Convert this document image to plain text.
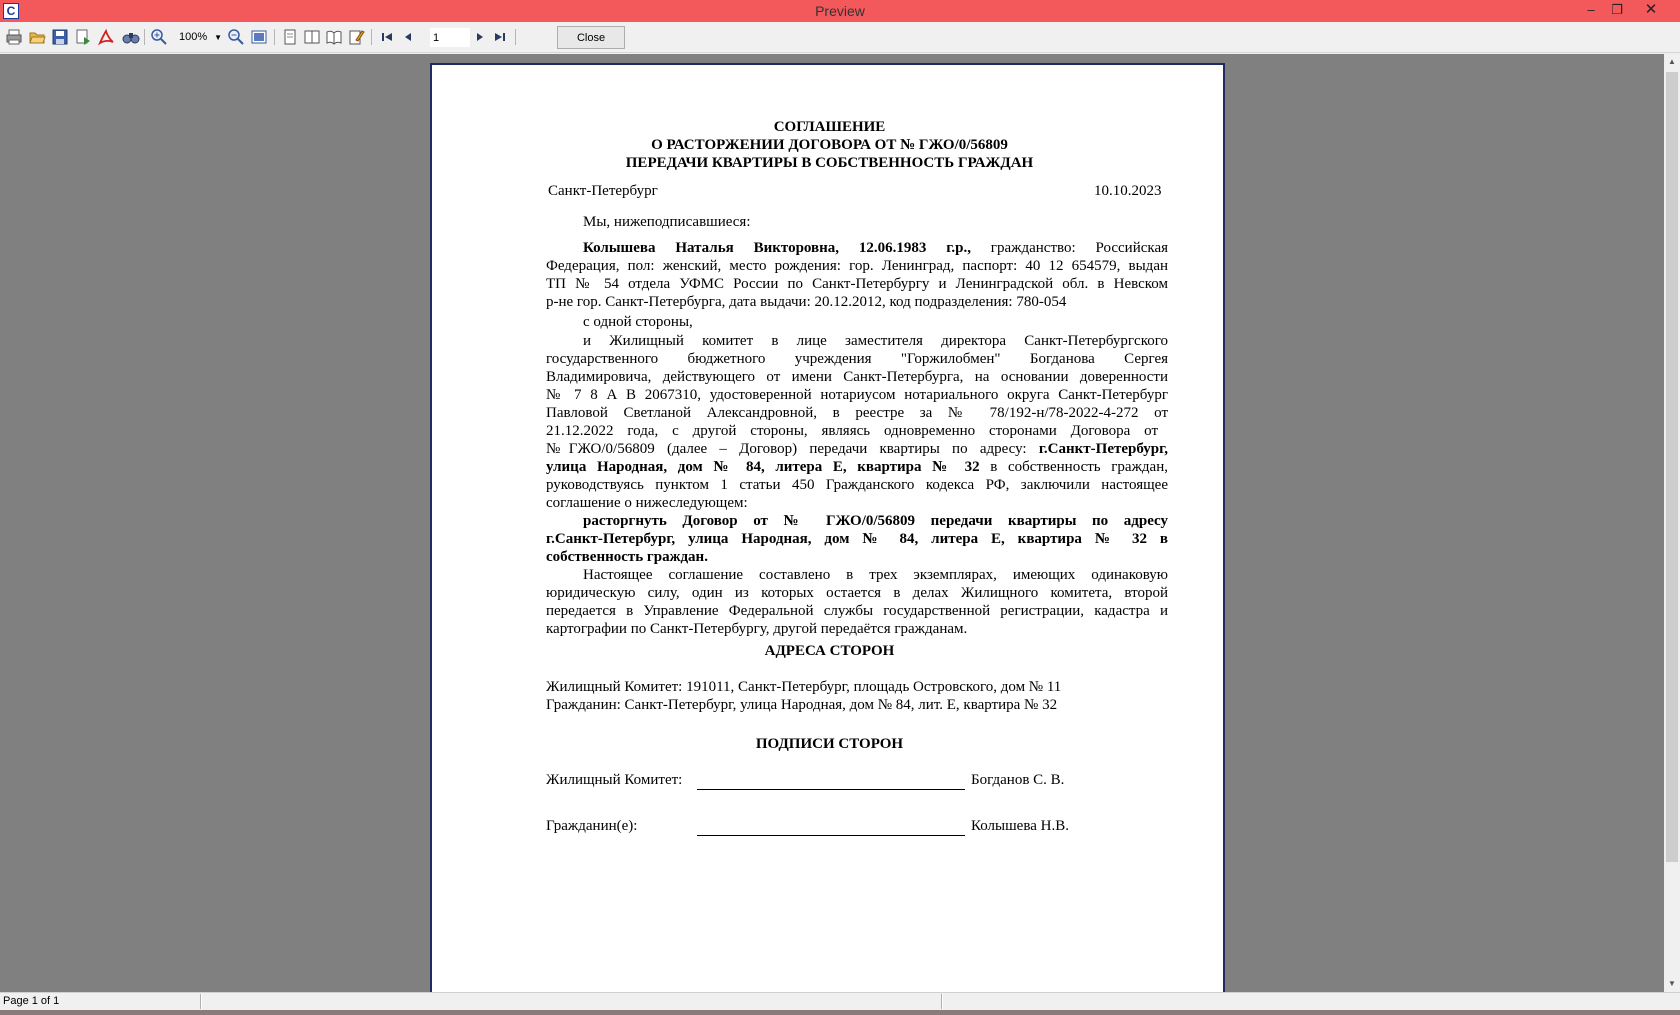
C	Preview	–	❐	✕
100% ▼
1	Close
СОГЛАШЕНИЕ
О РАСТОРЖЕНИИ ДОГОВОРА ОТ № ГЖО/0/56809
ПЕРЕДАЧИ КВАРТИРЫ В СОБСТВЕННОСТЬ ГРАЖДАН
Санкт-Петербург	10.10.2023
Мы, нижеподписавшиеся:
Колышева Наталья Викторовна, 12.06.1983 г.р., гражданство: Российская
Федерация, пол: женский, место рождения: гор. Ленинград, паспорт: 40 12 654579, выдан
ТП № 54 отдела УФМС России по Санкт-Петербургу и Ленинградской обл. в Невском
р-не гор. Санкт-Петербурга, дата выдачи: 20.12.2012, код подразделения: 780-054
с одной стороны,
и Жилищный комитет в лице заместителя директора Санкт-Петербургского
государственного бюджетного учреждения "Горжилобмен" Богданова Сергея
Владимировича, действующего от имени Санкт-Петербурга, на основании доверенности
№ 7 8 А В 2067310, удостоверенной нотариусом нотариального округа Санкт-Петербург
Павловой Светланой Александровной, в реестре за № 78/192-н/78-2022-4-272 от
21.12.2022 года, с другой стороны, являясь одновременно сторонами Договора от
№ГЖО/0/56809 (далее – Договор) передачи квартиры по адресу: г.Санкт-Петербург,
улица Народная, дом № 84, литера Е, квартира № 32 в собственность граждан,
руководствуясь пунктом 1 статьи 450 Гражданского кодекса РФ, заключили настоящее
соглашение о нижеследующем:
расторгнуть Договор от № ГЖО/0/56809 передачи квартиры по адресу
г.Санкт-Петербург, улица Народная, дом № 84, литера Е, квартира № 32 в
собственность граждан.
Настоящее соглашение составлено в трех экземплярах, имеющих одинаковую
юридическую силу, один из которых остается в делах Жилищного комитета, второй
передается в Управление Федеральной службы государственной регистрации, кадастра и
картографии по Санкт-Петербургу, другой передаётся гражданам.
АДРЕСА СТОРОН
Жилищный Комитет: 191011, Санкт-Петербург, площадь Островского, дом № 11
Гражданин: Санкт-Петербург, улица Народная, дом № 84, лит. Е, квартира № 32
ПОДПИСИ СТОРОН
Жилищный Комитет:	Богданов С. В.
Гражданин(е):	Колышева Н.В.
▲
▼
Page 1 of 1
